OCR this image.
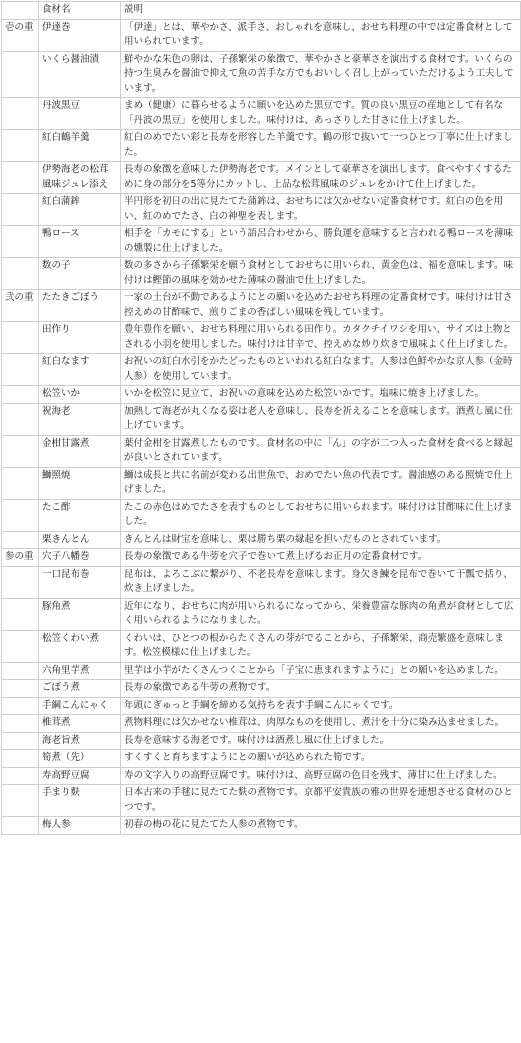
	食材名	説明
壱の重	伊達巻	「伊達」とは、華やかさ、派手さ、おしゃれを意味し、おせち料理の中では定番食材として用いられています。
	いくら醤油漬	鮮やかな朱色の卵は、子孫繁栄の象徴で、華やかさと豪華さを演出する食材です。いくらの持つ生臭みを醤油で抑えて魚の苦手な方でもおいしく召し上がっていただけるよう工夫しています。
	丹波黒豆	まめ（健康）に暮らせるように願いを込めた黒豆です。質の良い黒豆の産地として有名な「丹波の黒豆」を使用しました。味付けは、あっさりした甘さに仕上げました。
	紅白鶴羊羹	紅白のめでたい彩と長寿を形容した羊羹です。鶴の形で抜いて一つひとつ丁寧に仕上げました。
	伊勢海老の松茸風味ジュレ添え	長寿の象徴を意味した伊勢海老です。メインとして豪華さを演出します。食べやすくするために身の部分を5等分にカットし、上品な松茸風味のジュレをかけて仕上げました。
	紅白蒲鉾	半円形を初日の出に見たてた蒲鉾は、おせちには欠かせない定番食材です。紅白の色を用い、紅のめでたさ、白の神聖を表します。
	鴨ロース	相手を「カモにする」という語呂合わせから、勝負運を意味すると言われる鴨ロースを薄味の燻製に仕上げました。
	数の子	数の多さから子孫繁栄を願う食材としておせちに用いられ、黄金色は、福を意味します。味付けは鰹節の風味を効かせた薄味の醤油で仕上げました。
弐の重	たたきごぼう	一家の土台が不動であるようにとの願いを込めたおせち料理の定番食材です。味付けは甘さ控えめの甘酢味で、煎りごまの香ばしい風味を残しています。
	田作り	豊年豊作を願い、おせち料理に用いられる田作り。カタクチイワシを用い、サイズは上物とされる小羽を使用しました。味付けは甘辛で、控えめな炒り炊きで風味よく仕上げました。
	紅白なます	お祝いの紅白水引をかたどったものといわれる紅白なます。人参は色鮮やかな京人参（金時人参）を使用しています。
	松笠いか	いかを松笠に見立て、お祝いの意味を込めた松笠いかです。塩味に焼き上げました。
	祝海老	加熱して海老が丸くなる姿は老人を意味し、長寿を祈えることを意味します。酒煮し風に仕上げています。
	金柑甘露煮	葉付金柑を甘露煮したものです。食材名の中に「ん」の字が二つ入った食材を食べると縁起が良いとされています。
	鰤照焼	鰤は成長と共に名前が変わる出世魚で、おめでたい魚の代表です。醤油感のある照焼で仕上げました。
	たこ酢	たこの赤色はめでたさを表すものとしておせちに用いられます。味付けは甘酢味に仕上げました。
	栗きんとん	きんとんは財宝を意味し、栗は勝ち栗の縁起を担いだものとされています。
参の重	穴子八幡巻	長寿の象徴である牛蒡を穴子で巻いて煮上げるお正月の定番食材です。
	一口昆布巻	昆布は、よろこぶに繋がり、不老長寿を意味します。身欠き鰊を昆布で巻いて干瓢で括り、炊き上げました。
	豚角煮	近年になり、おせちに肉が用いられるになってから、栄養豊富な豚肉の角煮が食材として広く用いられるようになりました。
	松笠くわい煮	くわいは、ひとつの根からたくさんの芽がでることから、子孫繁栄、商売繁盛を意味します。松笠模様に仕上げました。
	六角里芋煮	里芋は小芋がたくさんつくことから「子宝に恵まれますように」との願いを込めました。
	ごぼう煮	長寿の象徴である牛蒡の煮物です。
	手綱こんにゃく	年頭にぎゅっと手綱を締める気持ちを表す手綱こんにゃくです。
	椎茸煮	煮物料理には欠かせない椎茸は、肉厚なものを使用し、煮汁を十分に染み込ませました。
	海老旨煮	長寿を意味する海老です。味付けは酒煮し風に仕上げました。
	筍煮（先）	すくすくと育ちますようにとの願いが込められた筍です。
	寿高野豆腐	寿の文字入りの高野豆腐です。味付けは、高野豆腐の色目を残す、薄甘に仕上げました。
	手まり麩	日本古来の手毬に見たてた麩の煮物です。京都平安貴族の雅の世界を連想させる食材のひとつです。
	梅人参	初春の梅の花に見たてた人参の煮物です。
